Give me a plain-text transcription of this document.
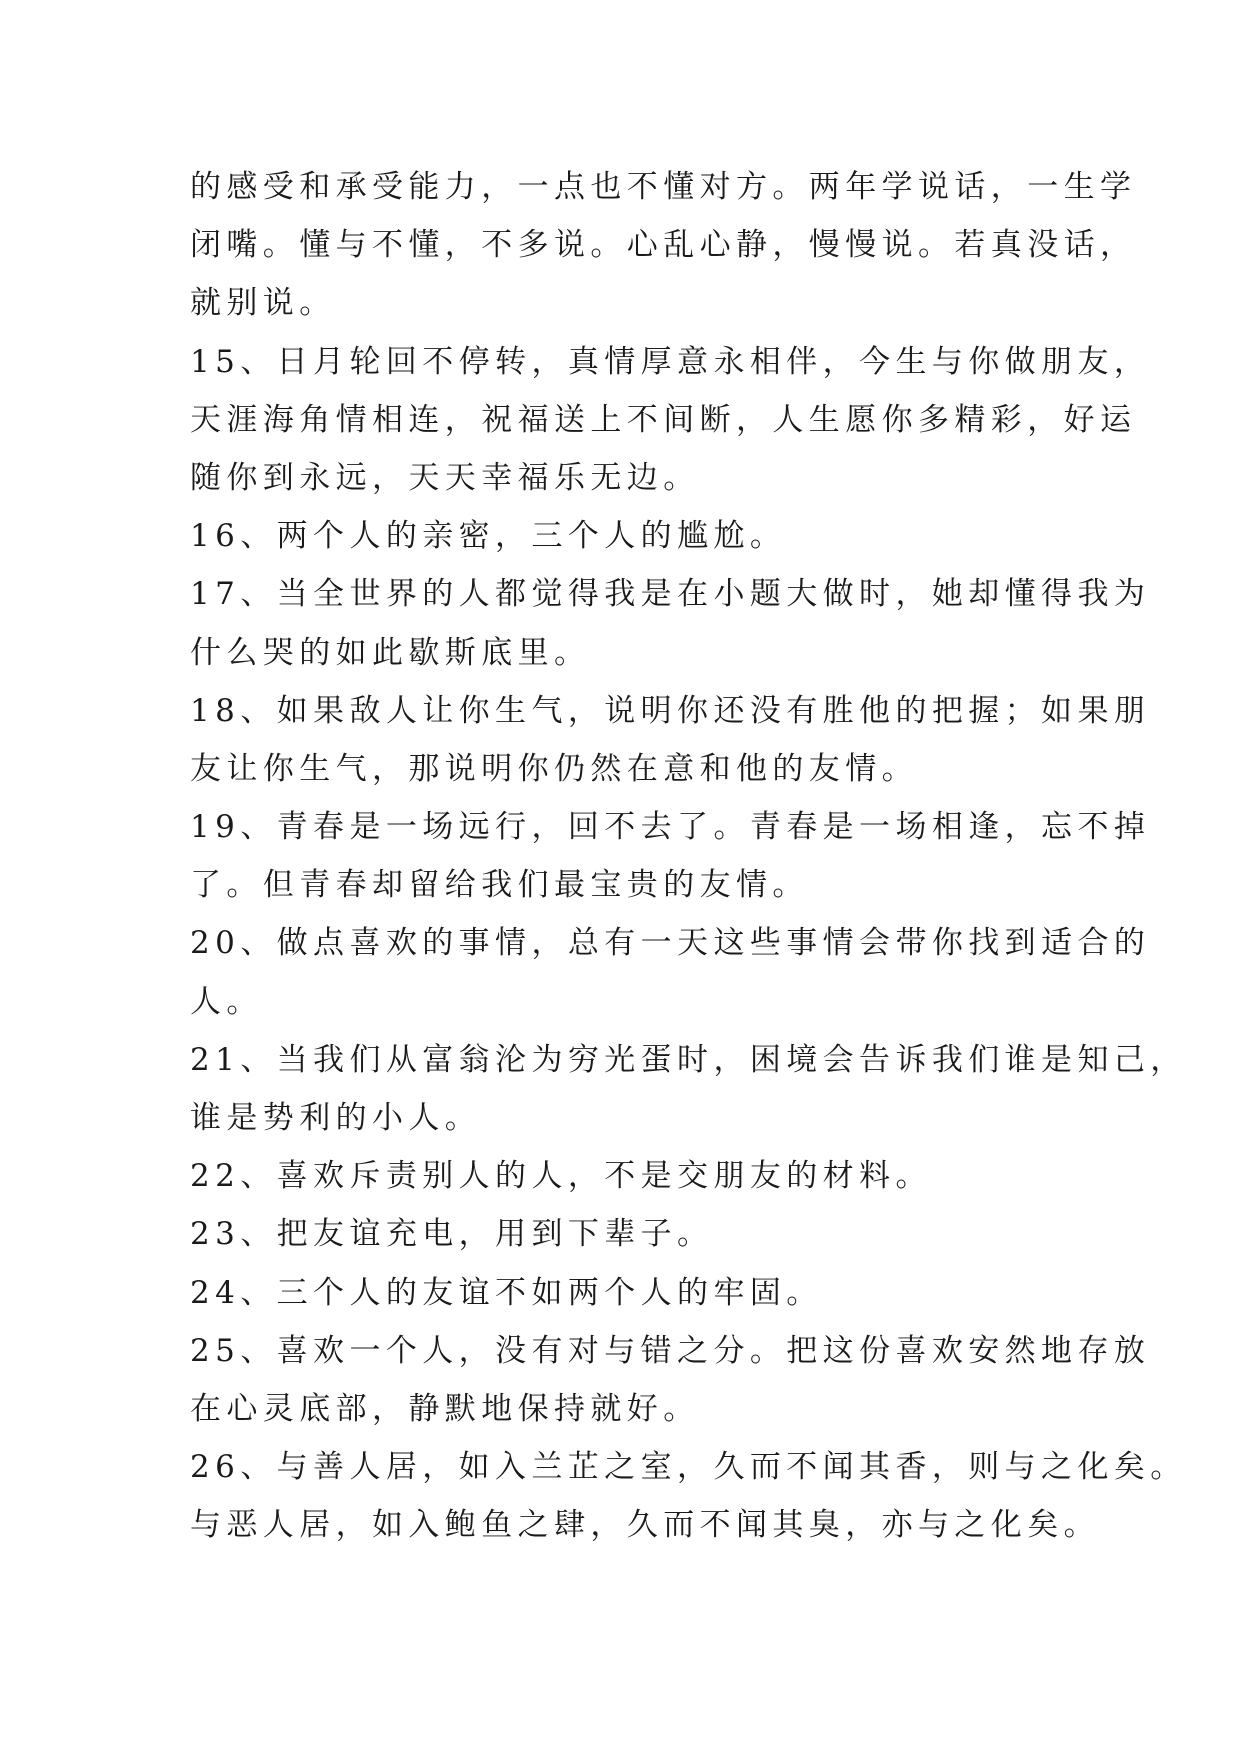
的感受和承受能力，一点也不懂对方。两年学说话，一生学
闭嘴。懂与不懂，不多说。心乱心静，慢慢说。若真没话，
就别说。
15、日月轮回不停转，真情厚意永相伴，今生与你做朋友，
天涯海角情相连，祝福送上不间断，人生愿你多精彩，好运
随你到永远，天天幸福乐无边。
16、两个人的亲密，三个人的尴尬。
17、当全世界的人都觉得我是在小题大做时，她却懂得我为
什么哭的如此歇斯底里。
18、如果敌人让你生气，说明你还没有胜他的把握；如果朋
友让你生气，那说明你仍然在意和他的友情。
19、青春是一场远行，回不去了。青春是一场相逢，忘不掉
了。但青春却留给我们最宝贵的友情。
20、做点喜欢的事情，总有一天这些事情会带你找到适合的
人。
21、当我们从富翁沦为穷光蛋时，困境会告诉我们谁是知己，
谁是势利的小人。
22、喜欢斥责别人的人，不是交朋友的材料。
23、把友谊充电，用到下辈子。
24、三个人的友谊不如两个人的牢固。
25、喜欢一个人，没有对与错之分。把这份喜欢安然地存放
在心灵底部，静默地保持就好。
26、与善人居，如入兰芷之室，久而不闻其香，则与之化矣。
与恶人居，如入鲍鱼之肆，久而不闻其臭，亦与之化矣。
